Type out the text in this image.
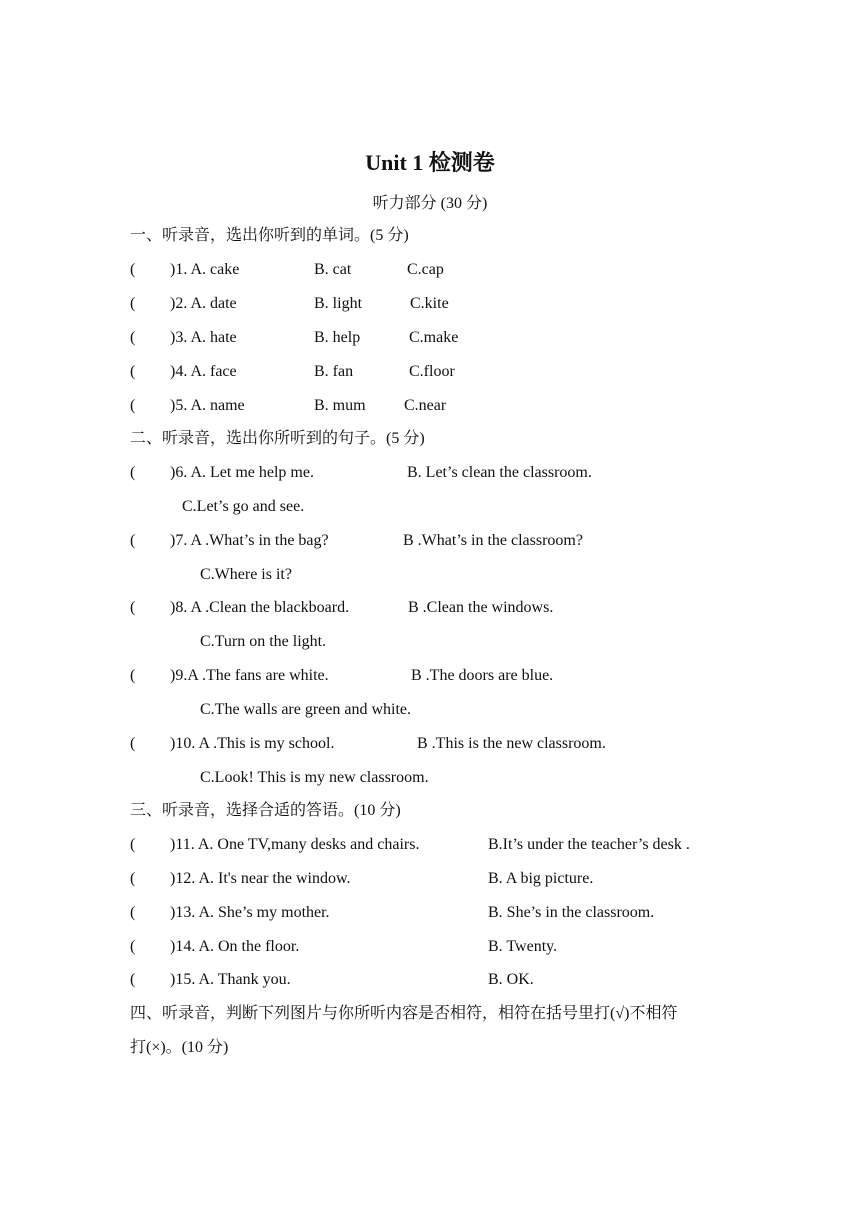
Unit 1 检测卷
听力部分 (30 分)
一、听录音，选出你听到的单词。(5 分)
( )1. A. cake	B. cat	C.cap
( )2. A. date	B. light	C.kite
( )3. A. hate	B. help	C.make
( )4. A. face	B. fan	C.floor
( )5. A. name	B. mum C.near
二、听录音，选出你所听到的句子。(5 分)
( )6. A. Let me help me.	B. Let’s clean the classroom.
C.Let’s go and see.
( )7. A .What’s in the bag?	B .What’s in the classroom?
C.Where is it?
( )8. A .Clean the blackboard.	B .Clean the windows.
C.Turn on the light.
( )9.A .The fans are white.	B .The doors are blue.
C.The walls are green and white.
( )10. A .This is my school.	B .This is the new classroom.
C.Look! This is my new classroom.
三、听录音，选择合适的答语。(10 分)
( )11. A. One TV,many desks and chairs.	B.It’s under the teacher’s desk .
( )12. A. It's near the window.	B. A big picture.
( )13. A. She’s my mother.	B. She’s in the classroom.
( )14. A. On the floor.	B. Twenty.
( )15. A. Thank you.	B. OK.
四、听录音，判断下列图片与你所听内容是否相符，相符在括号里打(√)不相符
打(×)。(10 分)
